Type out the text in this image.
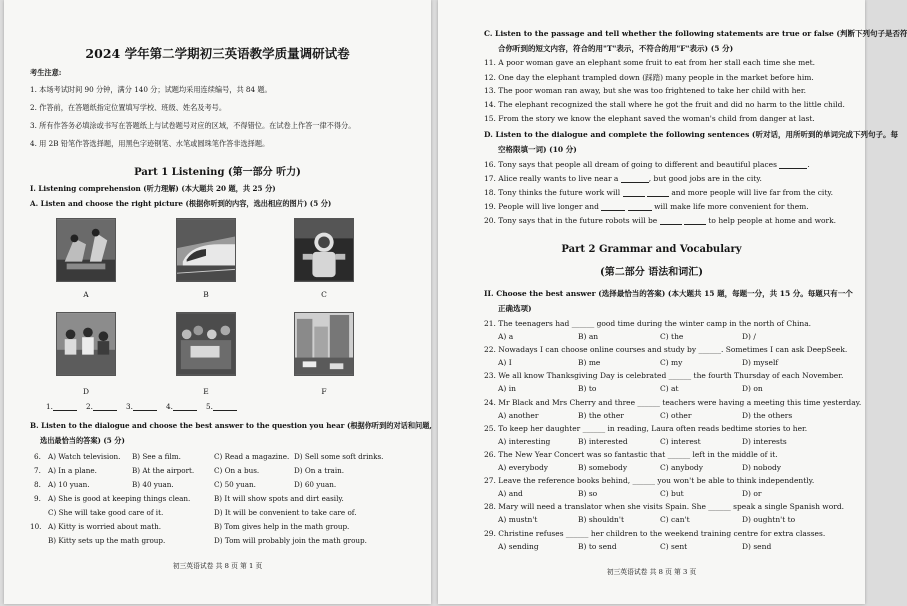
2024 学年第二学期初三英语教学质量调研试卷
考生注意:
1. 本场考试时间 90 分钟，满分 140 分；试题均采用连续编号，共 84 题。
2. 作答前，在答题纸指定位置填写学校、班级、姓名及考号。
3. 所有作答务必填涂或书写在答题纸上与试卷题号对应的区域，不得错位。在试卷上作答一律不得分。
4. 用 2B 铅笔作答选择题，用黑色字迹钢笔、水笔或圆珠笔作答非选择题。
Part 1 Listening (第一部分 听力)
I. Listening comprehension (听力理解) (本大题共 20 题，共 25 分)
A. Listen and choose the right picture (根据你听到的内容，选出相应的图片) (5 分)
A	B	C
D	E	F
1.	2.	3.	4.	5.
B. Listen to the dialogue and choose the best answer to the question you hear (根据你听到的对话和问题,
选出最恰当的答案) (5 分)
6. A) Watch television. B) See a film.	C) Read a magazine. D) Sell some soft drinks.
7. A) In a plane.	B) At the airport.	C) On a bus.	D) On a train.
8. A) 10 yuan.	B) 40 yuan.	C) 50 yuan.	D) 60 yuan.
9. A) She is good at keeping things clean.	B) It will show spots and dirt easily.
C) She will take good care of it.	D) It will be convenient to take care of.
10. A) Kitty is worried about math.	B) Tom gives help in the math group.
B) Kitty sets up the math group.	D) Tom will probably join the math group.
初三英语试卷 共 8 页 第 1 页
C. Listen to the passage and tell whether the following statements are true or false (判断下列句子是否符
合你听到的短文内容，符合的用"T"表示，不符合的用"F"表示) (5 分)
11. A poor woman gave an elephant some fruit to eat from her stall each time she met.
12. One day the elephant trampled down (踩踏) many people in the market before him.
13. The poor woman ran away, but she was too frightened to take her child with her.
14. The elephant recognized the stall where he got the fruit and did no harm to the little child.
15. From the story we know the elephant saved the woman's child from danger at last.
D. Listen to the dialogue and complete the following sentences (听对话，用所听到的单词完成下列句子。每
空格限填一词) (10 分)
16. Tony says that people all dream of going to different and beautiful places	.
17. Alice really wants to live near a	, but good jobs are in the city.
18. Tony thinks the future work will	and more people will live far from the city.
19. People will live longer and	will make life more convenient for them.
20. Tony says that in the future robots will be	to help people at home and work.
Part 2 Grammar and Vocabulary
(第二部分 语法和词汇)
II. Choose the best answer (选择最恰当的答案) (本大题共 15 题，每题一分，共 15 分。每题只有一个
正确选项)
21. The teenagers had ______ good time during the winter camp in the north of China.
A) a	B) an	C) the	D) /
22. Nowadays I can choose online courses and study by ______. Sometimes I can ask DeepSeek.
A) I	B) me	C) my	D) myself
23. We all know Thanksgiving Day is celebrated ______ the fourth Thursday of each November.
A) in	B) to	C) at	D) on
24. Mr Black and Mrs Cherry and three ______ teachers were having a meeting this time yesterday.
A) another	B) the other	C) other	D) the others
25. To keep her daughter ______ in reading, Laura often reads bedtime stories to her.
A) interesting	B) interested	C) interest	D) interests
26. The New Year Concert was so fantastic that ______ left in the middle of it.
A) everybody	B) somebody	C) anybody	D) nobody
27. Leave the reference books behind, ______ you won't be able to think independently.
A) and	B) so	C) but	D) or
28. Mary will need a translator when she visits Spain. She ______ speak a single Spanish word.
A) mustn't	B) shouldn't	C) can't	D) oughtn't to
29. Christine refuses ______ her children to the weekend training centre for extra classes.
A) sending	B) to send	C) sent	D) send
初三英语试卷 共 8 页 第 3 页
